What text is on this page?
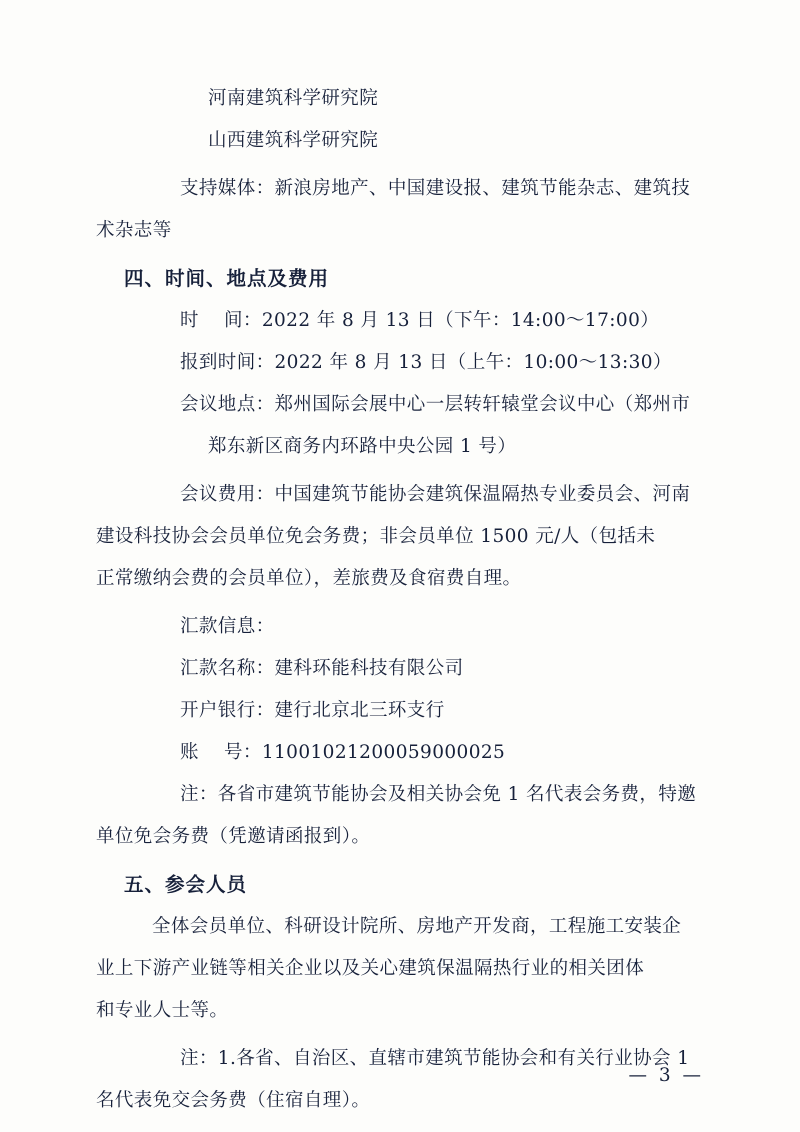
河南建筑科学研究院
山西建筑科学研究院
支持媒体：新浪房地产、中国建设报、建筑节能杂志、建筑技
术杂志等
四、时间、地点及费用
时    间：2022 年 8 月 13 日（下午：14:00～17:00）
报到时间：2022 年 8 月 13 日（上午：10:00～13:30）
会议地点：郑州国际会展中心一层转轩辕堂会议中心（郑州市
郑东新区商务内环路中央公园 1 号）
会议费用：中国建筑节能协会建筑保温隔热专业委员会、河南
建设科技协会会员单位免会务费；非会员单位 1500 元/人（包括未
正常缴纳会费的会员单位），差旅费及食宿费自理。
汇款信息：
汇款名称：建科环能科技有限公司
开户银行：建行北京北三环支行
账    号：11001021200059000025
注：各省市建筑节能协会及相关协会免 1 名代表会务费，特邀
单位免会务费（凭邀请函报到）。
五、参会人员
全体会员单位、科研设计院所、房地产开发商，工程施工安装企
业上下游产业链等相关企业以及关心建筑保温隔热行业的相关团体
和专业人士等。
注：1.各省、自治区、直辖市建筑节能协会和有关行业协会 1
名代表免交会务费（住宿自理）。
— 3 —
